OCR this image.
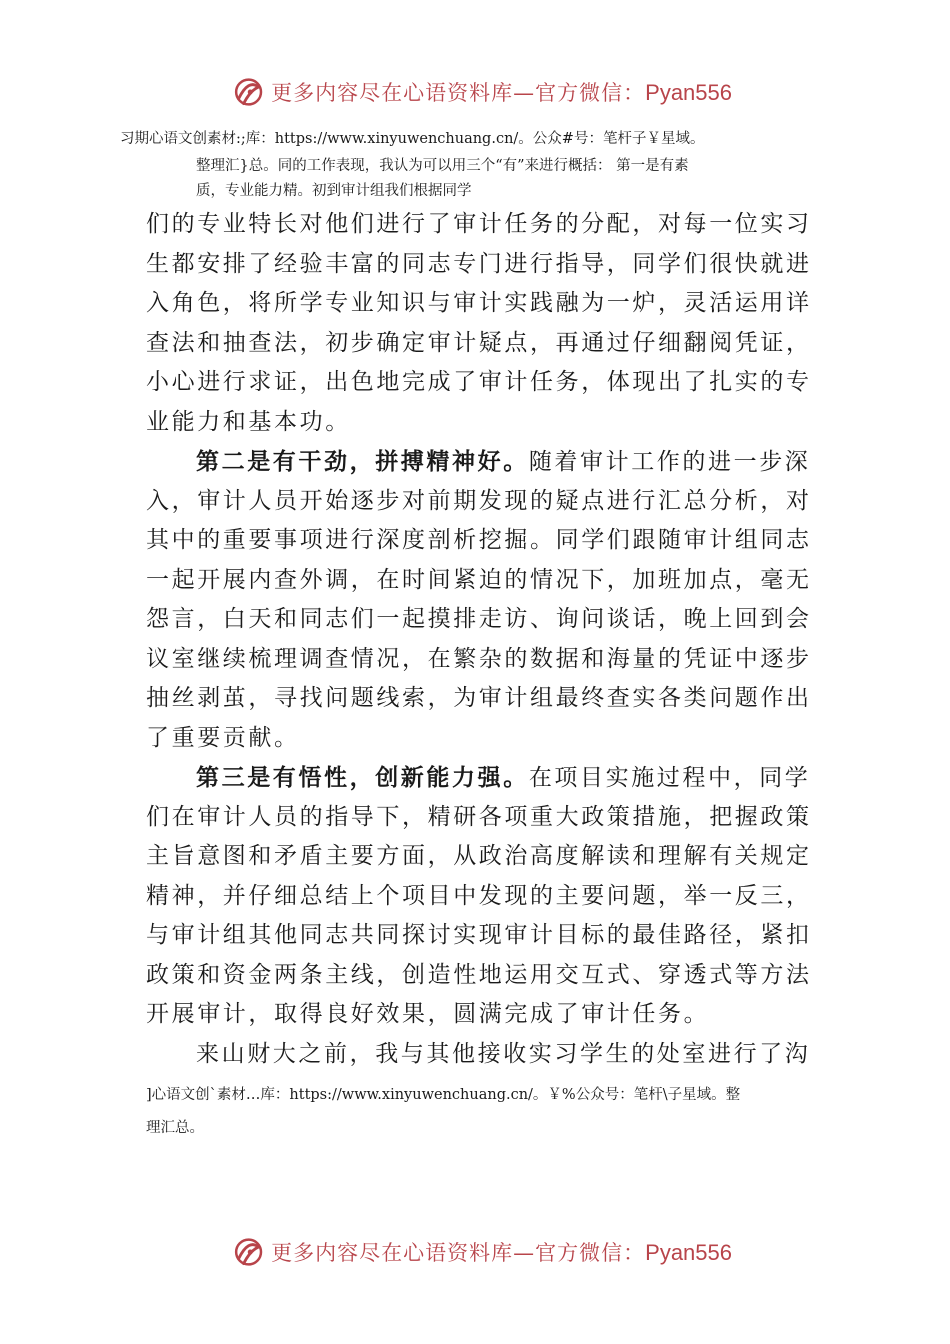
更多内容尽在心语资料库—官方微信：Pyan556
习期心语文创素材:;库：https://www.xinyuwenchuang.cn/。公众#号：笔杆子￥星域。
整理汇}总。同的工作表现，我认为可以用三个“有”来进行概括： 第一是有素
质，专业能力精。初到审计组我们根据同学
们的专业特长对他们进行了审计任务的分配，对每一位实习
生都安排了经验丰富的同志专门进行指导，同学们很快就进
入角色，将所学专业知识与审计实践融为一炉，灵活运用详
查法和抽查法，初步确定审计疑点，再通过仔细翻阅凭证，
小心进行求证，出色地完成了审计任务，体现出了扎实的专
业能力和基本功。
第二是有干劲，拼搏精神好。随着审计工作的进一步深
入，审计人员开始逐步对前期发现的疑点进行汇总分析，对
其中的重要事项进行深度剖析挖掘。同学们跟随审计组同志
一起开展内查外调，在时间紧迫的情况下，加班加点，毫无
怨言，白天和同志们一起摸排走访、询问谈话，晚上回到会
议室继续梳理调查情况，在繁杂的数据和海量的凭证中逐步
抽丝剥茧，寻找问题线索，为审计组最终查实各类问题作出
了重要贡献。
第三是有悟性，创新能力强。在项目实施过程中，同学
们在审计人员的指导下，精研各项重大政策措施，把握政策
主旨意图和矛盾主要方面，从政治高度解读和理解有关规定
精神，并仔细总结上个项目中发现的主要问题，举一反三，
与审计组其他同志共同探讨实现审计目标的最佳路径，紧扣
政策和资金两条主线，创造性地运用交互式、穿透式等方法
开展审计，取得良好效果，圆满完成了审计任务。
来山财大之前，我与其他接收实习学生的处室进行了沟
]心语文创`素材…库：https://www.xinyuwenchuang.cn/。￥%公众号：笔杆\子星域。整
理汇总。
更多内容尽在心语资料库—官方微信：Pyan556
